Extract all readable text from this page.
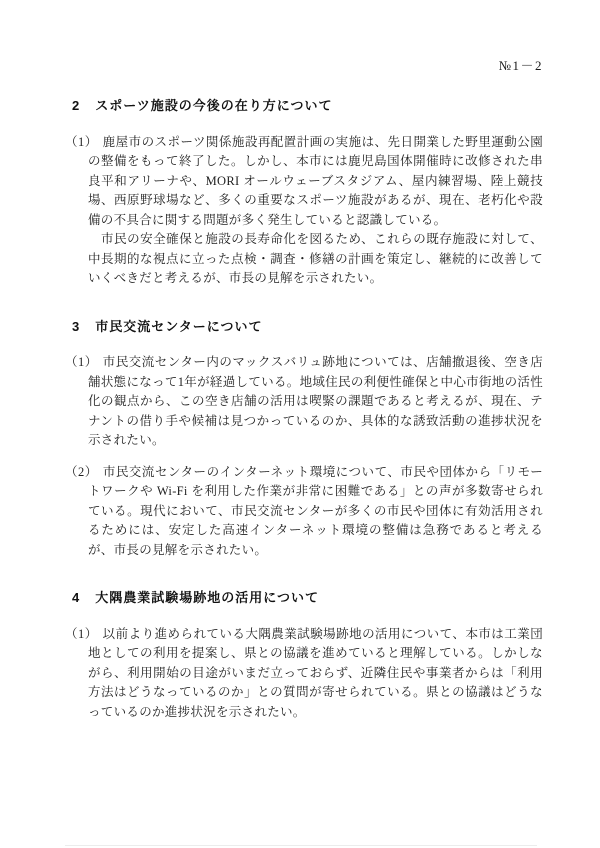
№1－2
2 スポーツ施設の今後の在り方について

（1） 鹿屋市のスポーツ関係施設再配置計画の実施は、先日開業した野里運動公園の整備をもって終了した。しかし、本市には鹿児島国体開催時に改修された串良平和アリーナや、MORI オールウェーブスタジアム、屋内練習場、陸上競技場、西原野球場など、多くの重要なスポーツ施設があるが、現在、老朽化や設備の不具合に関する問題が多く発生していると認識している。

　市民の安全確保と施設の長寿命化を図るため、これらの既存施設に対して、中長期的な視点に立った点検・調査・修繕の計画を策定し、継続的に改善していくべきだと考えるが、市長の見解を示されたい。

3 市民交流センターについて

（1） 市民交流センター内のマックスバリュ跡地については、店舗撤退後、空き店舗状態になって1年が経過している。地域住民の利便性確保と中心市街地の活性化の観点から、この空き店舗の活用は喫緊の課題であると考えるが、現在、テナントの借り手や候補は見つかっているのか、具体的な誘致活動の進捗状況を示されたい。

（2） 市民交流センターのインターネット環境について、市民や団体から「リモートワークや Wi-Fi を利用した作業が非常に困難である」との声が多数寄せられている。現代において、市民交流センターが多くの市民や団体に有効活用されるためには、安定した高速インターネット環境の整備は急務であると考えるが、市長の見解を示されたい。

4 大隅農業試験場跡地の活用について

（1） 以前より進められている大隅農業試験場跡地の活用について、本市は工業団地としての利用を提案し、県との協議を進めていると理解している。しかしながら、利用開始の目途がいまだ立っておらず、近隣住民や事業者からは「利用方法はどうなっているのか」との質問が寄せられている。県との協議はどうなっているのか進捗状況を示されたい。
